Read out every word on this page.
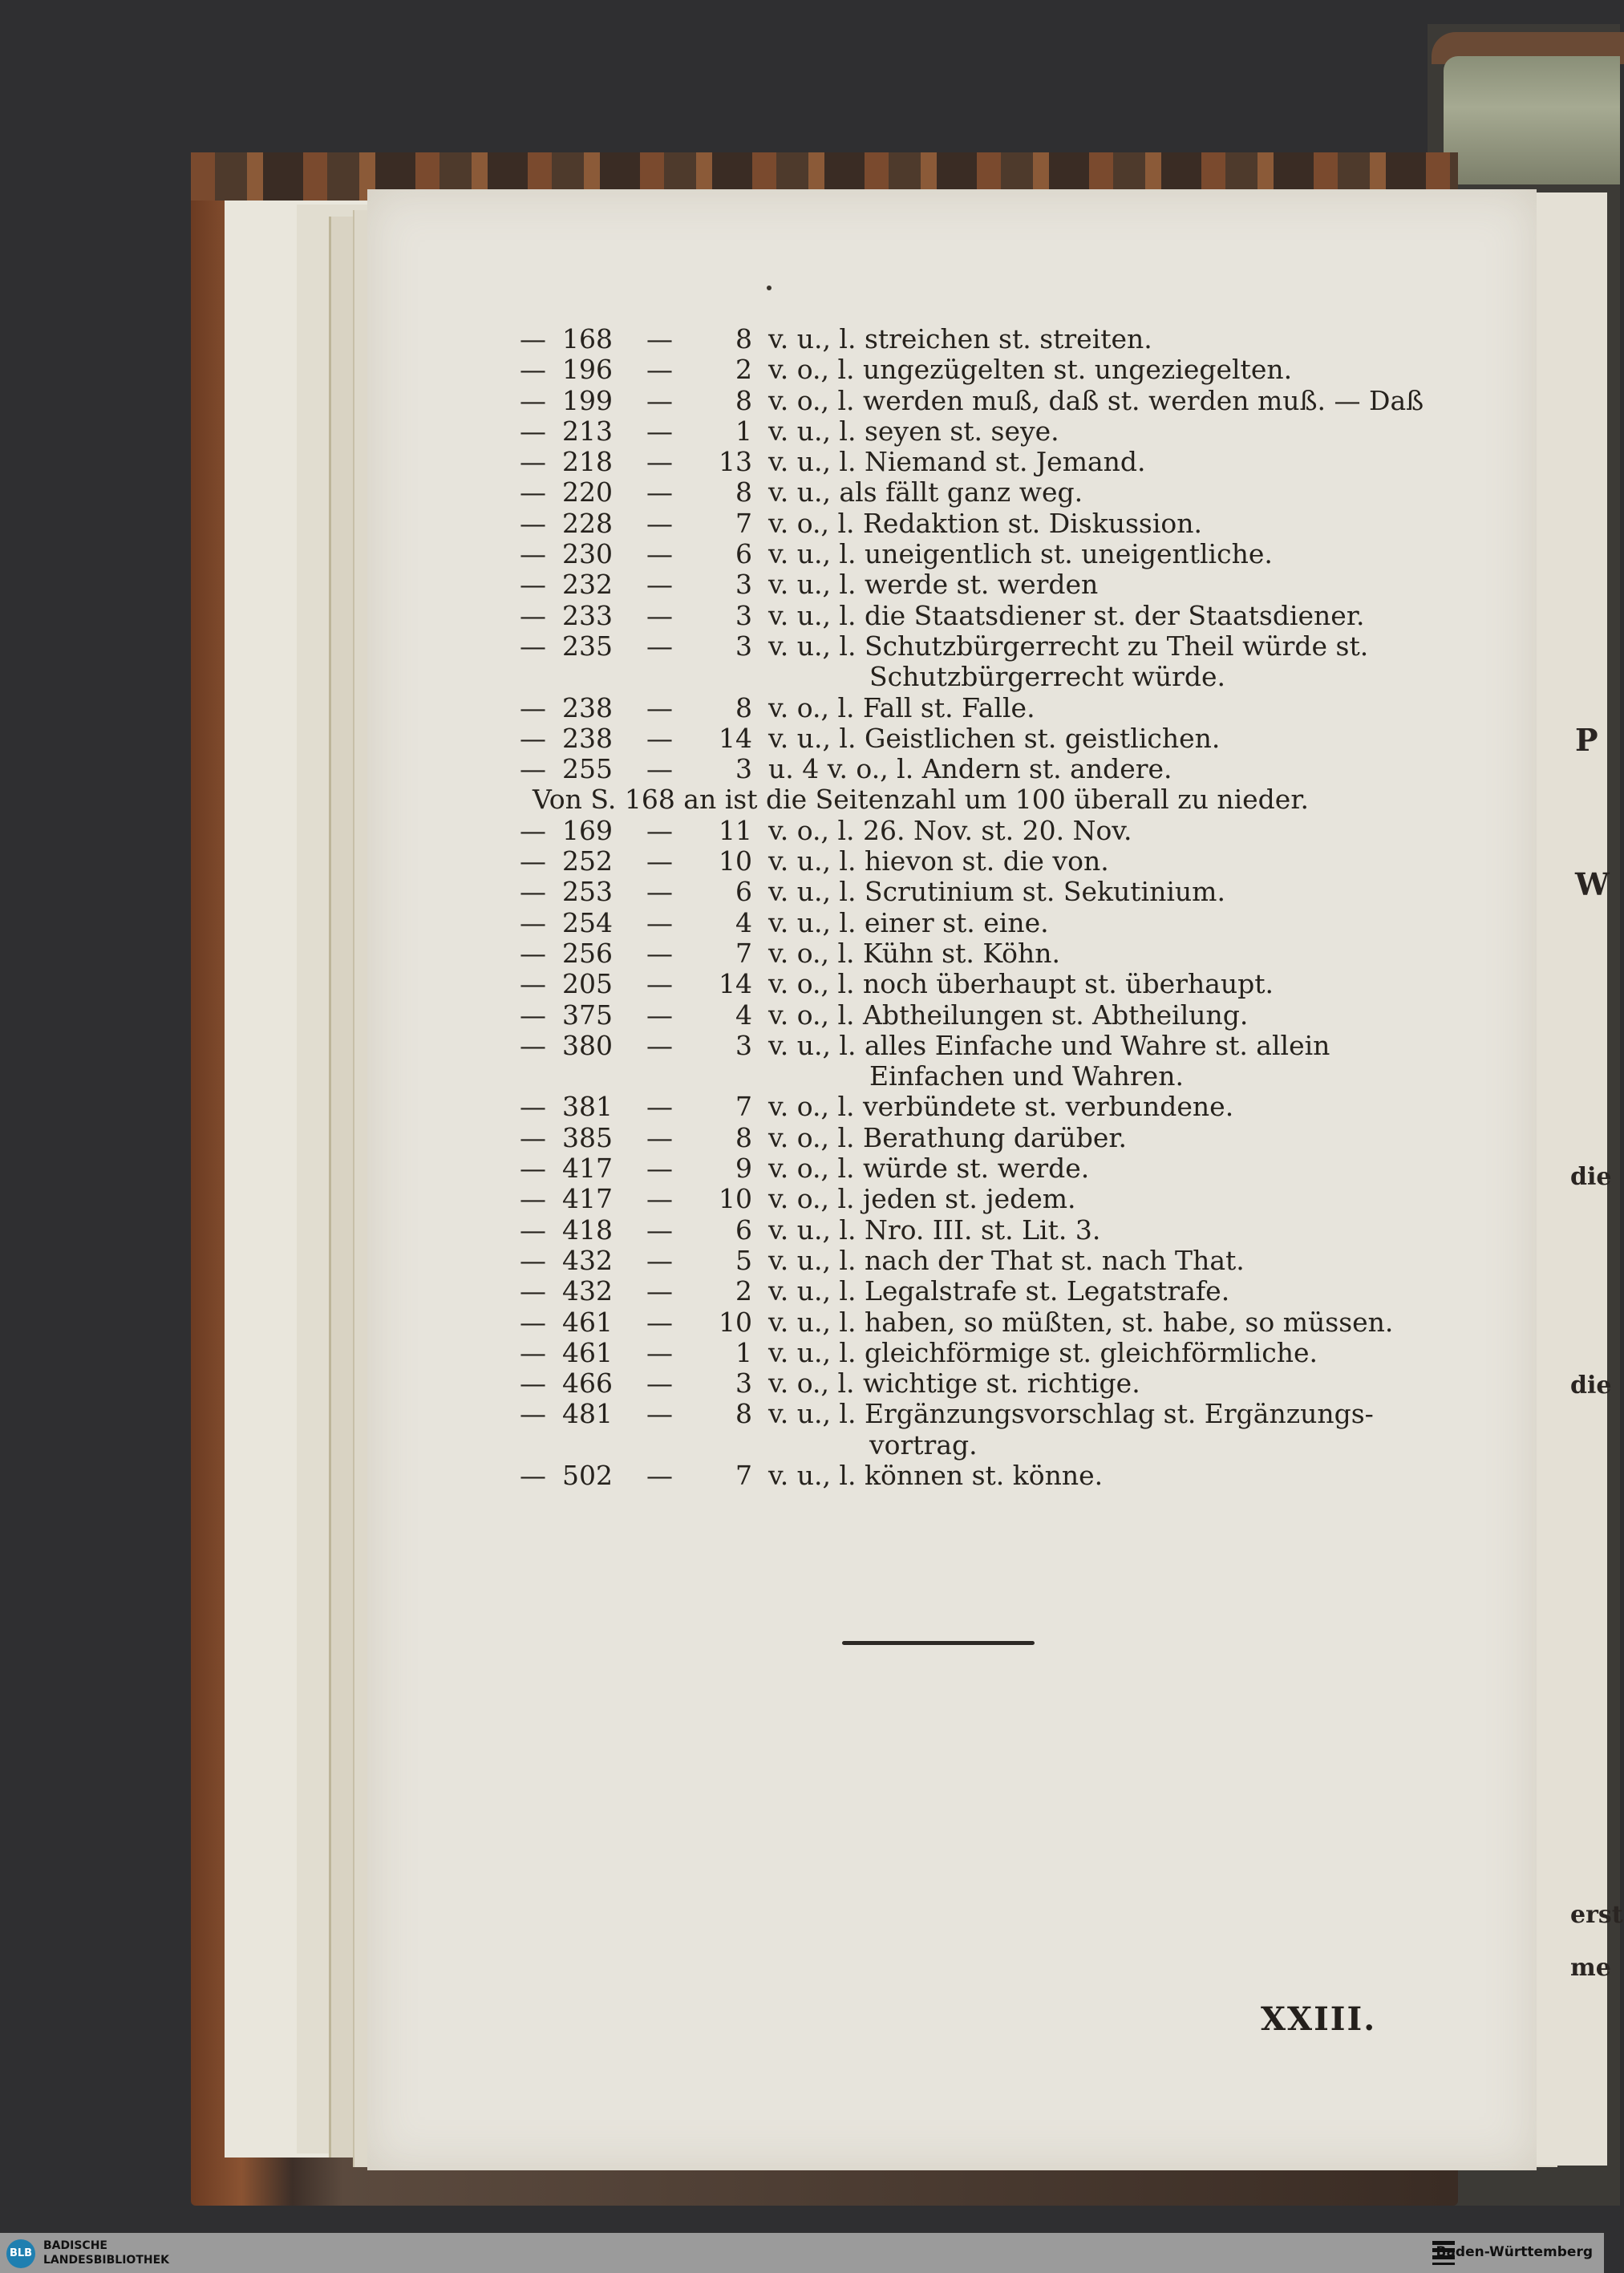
P
W
die
die
erst
me
— 168 —	8 v. u., l. streichen st. streiten.
— 196 —	2 v. o., l. ungezügelten st. ungeziegelten.
— 199 —	8 v. o., l. werden muß, daß st. werden muß. — Daß
— 213 —	1 v. u., l. seyen st. seye.
— 218 —	13 v. u., l. Niemand st. Jemand.
— 220 —	8 v. u., als fällt ganz weg.
— 228 —	7 v. o., l. Redaktion st. Diskussion.
— 230 —	6 v. u., l. uneigentlich st. uneigentliche.
— 232 —	3 v. u., l. werde st. werden
— 233 —	3 v. u., l. die Staatsdiener st. der Staatsdiener.
— 235 —	3 v. u., l. Schutzbürgerrecht zu Theil würde st.
Schutzbürgerrecht würde.
— 238 —	8 v. o., l. Fall st. Falle.
— 238 —	14 v. u., l. Geistlichen st. geistlichen.
— 255 —	3 u. 4 v. o., l. Andern st. andere.
Von S. 168 an ist die Seitenzahl um 100 überall zu nieder.
— 169 —	11 v. o., l. 26. Nov. st. 20. Nov.
— 252 —	10 v. u., l. hievon st. die von.
— 253 —	6 v. u., l. Scrutinium st. Sekutinium.
— 254 —	4 v. u., l. einer st. eine.
— 256 —	7 v. o., l. Kühn st. Köhn.
— 205 —	14 v. o., l. noch überhaupt st. überhaupt.
— 375 —	4 v. o., l. Abtheilungen st. Abtheilung.
— 380 —	3 v. u., l. alles Einfache und Wahre st. allein
Einfachen und Wahren.
— 381 —	7 v. o., l. verbündete st. verbundene.
— 385 —	8 v. o., l. Berathung darüber.
— 417 —	9 v. o., l. würde st. werde.
— 417 —	10 v. o., l. jeden st. jedem.
— 418 —	6 v. u., l. Nro. III. st. Lit. 3.
— 432 —	5 v. u., l. nach der That st. nach That.
— 432 —	2 v. u., l. Legalstrafe st. Legatstrafe.
— 461 —	10 v. u., l. haben, so müßten, st. habe, so müssen.
— 461 —	1 v. u., l. gleichförmige st. gleichförmliche.
— 466 —	3 v. o., l. wichtige st. richtige.
— 481 —	8 v. u., l. Ergänzungsvorschlag st. Ergänzungs-
vortrag.
— 502 —	7 v. u., l. können st. könne.
XXIII.
BLB
BADISCHE
LANDESBIBLIOTHEK	Baden-Württemberg
